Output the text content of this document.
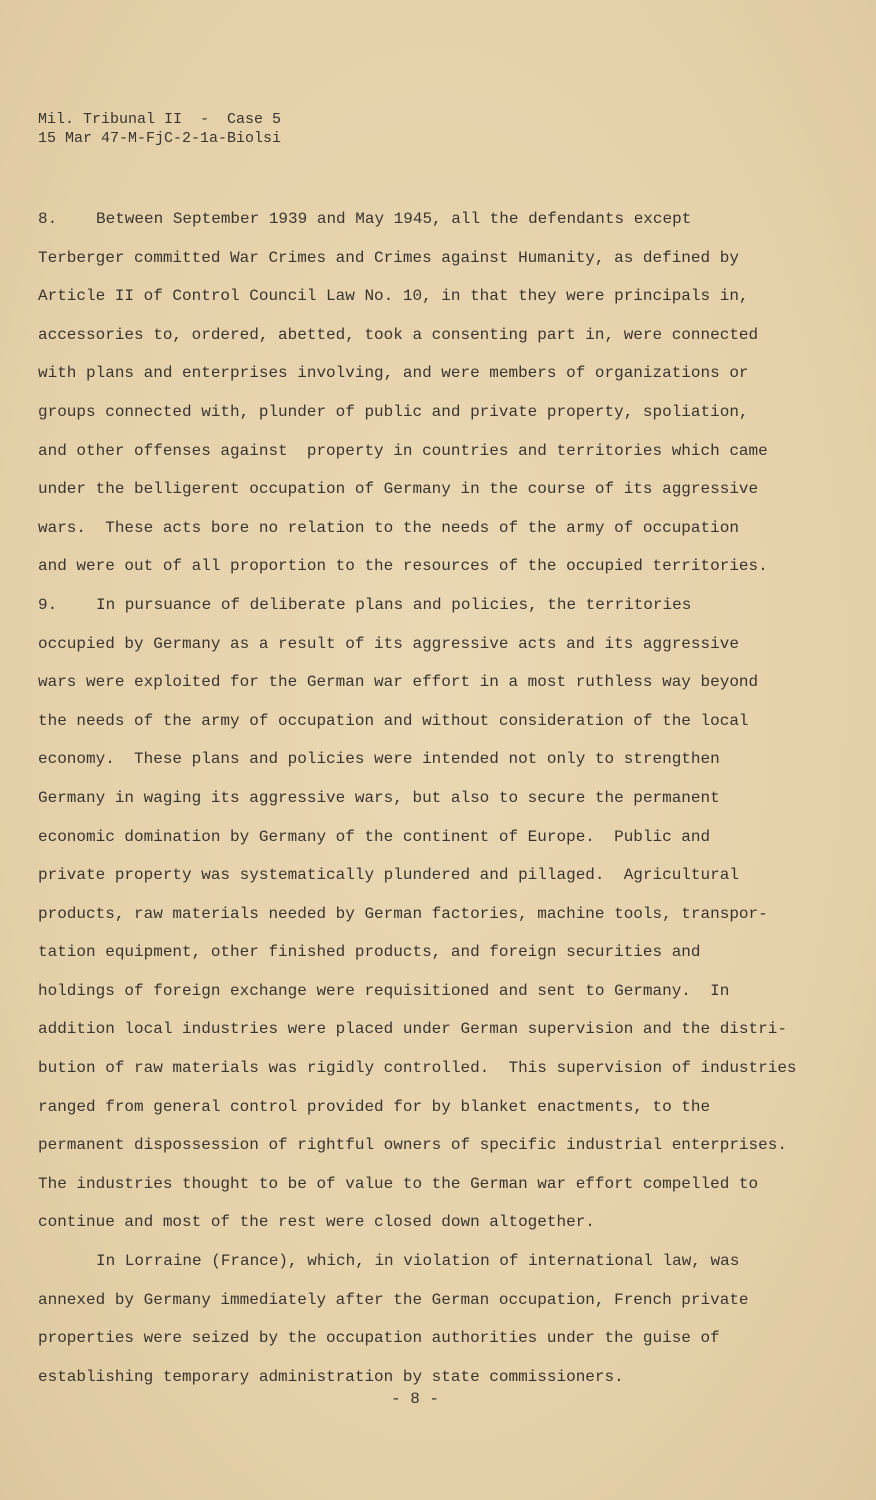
Mil. Tribunal II  -  Case 5
15 Mar 47-M-FjC-2-1a-Biolsi
8. Between September 1939 and May 1945, all the defendants except
Terberger committed War Crimes and Crimes against Humanity, as defined by
Article II of Control Council Law No. 10, in that they were principals in,
accessories to, ordered, abetted, took a consenting part in, were connected
with plans and enterprises involving, and were members of organizations or
groups connected with, plunder of public and private property, spoliation,
and other offenses against  property in countries and territories which came
under the belligerent occupation of Germany in the course of its aggressive
wars.  These acts bore no relation to the needs of the army of occupation
and were out of all proportion to the resources of the occupied territories.
9. In pursuance of deliberate plans and policies, the territories
occupied by Germany as a result of its aggressive acts and its aggressive
wars were exploited for the German war effort in a most ruthless way beyond
the needs of the army of occupation and without consideration of the local
economy.  These plans and policies were intended not only to strengthen
Germany in waging its aggressive wars, but also to secure the permanent
economic domination by Germany of the continent of Europe.  Public and
private property was systematically plundered and pillaged.  Agricultural
products, raw materials needed by German factories, machine tools, transpor-
tation equipment, other finished products, and foreign securities and
holdings of foreign exchange were requisitioned and sent to Germany.  In
addition local industries were placed under German supervision and the distri-
bution of raw materials was rigidly controlled.  This supervision of industries
ranged from general control provided for by blanket enactments, to the
permanent dispossession of rightful owners of specific industrial enterprises.
The industries thought to be of value to the German war effort compelled to
continue and most of the rest were closed down altogether.
In Lorraine (France), which, in violation of international law, was
annexed by Germany immediately after the German occupation, French private
properties were seized by the occupation authorities under the guise of
establishing temporary administration by state commissioners.
- 8 -
